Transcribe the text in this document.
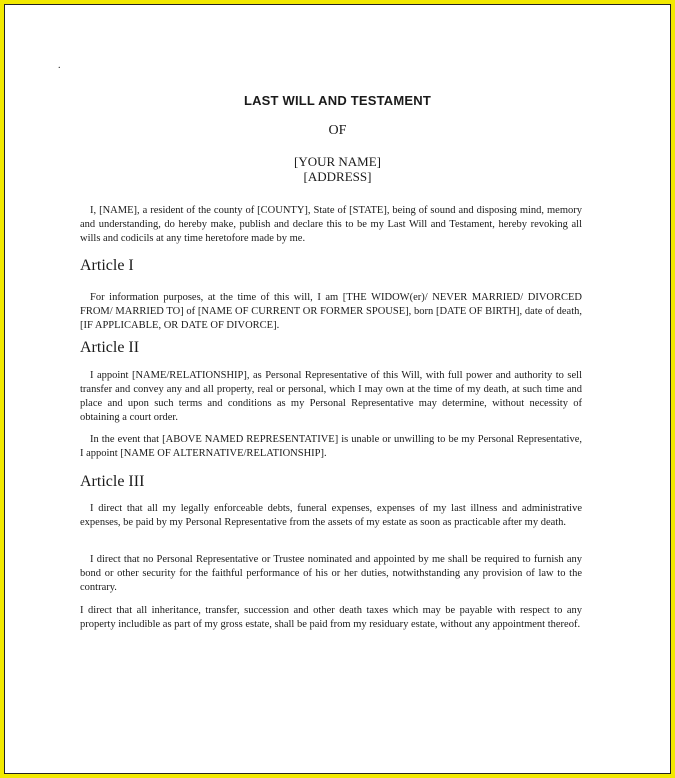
.
LAST WILL AND TESTAMENT
OF
[YOUR NAME]
[ADDRESS]
I, [NAME], a resident of the county of [COUNTY], State of [STATE], being of sound and disposing mind, memory and understanding, do hereby make, publish and declare this to be my Last Will and Testament, hereby revoking all wills and codicils at any time heretofore made by me.
Article I
For information purposes, at the time of this will, I am [THE WIDOW(er)/ NEVER MARRIED/ DIVORCED FROM/ MARRIED TO] of [NAME OF CURRENT OR FORMER SPOUSE], born [DATE OF BIRTH], date of death, [IF APPLICABLE, OR DATE OF DIVORCE].
Article II
I appoint [NAME/RELATIONSHIP], as Personal Representative of this Will, with full power and authority to sell transfer and convey any and all property, real or personal, which I may own at the time of my death, at such time and place and upon such terms and conditions as my Personal Representative may determine, without necessity of obtaining a court order.
In the event that [ABOVE NAMED REPRESENTATIVE] is unable or unwilling to be my Personal Representative, I appoint [NAME OF ALTERNATIVE/RELATIONSHIP].
Article III
I direct that all my legally enforceable debts, funeral expenses, expenses of my last illness and administrative expenses, be paid by my Personal Representative from the assets of my estate as soon as practicable after my death.
I direct that no Personal Representative or Trustee nominated and appointed by me shall be required to furnish any bond or other security for the faithful performance of his or her duties, notwithstanding any provision of law to the contrary.
I direct that all inheritance, transfer, succession and other death taxes which may be payable with respect to any property includible as part of my gross estate, shall be paid from my residuary estate, without any appointment thereof.
